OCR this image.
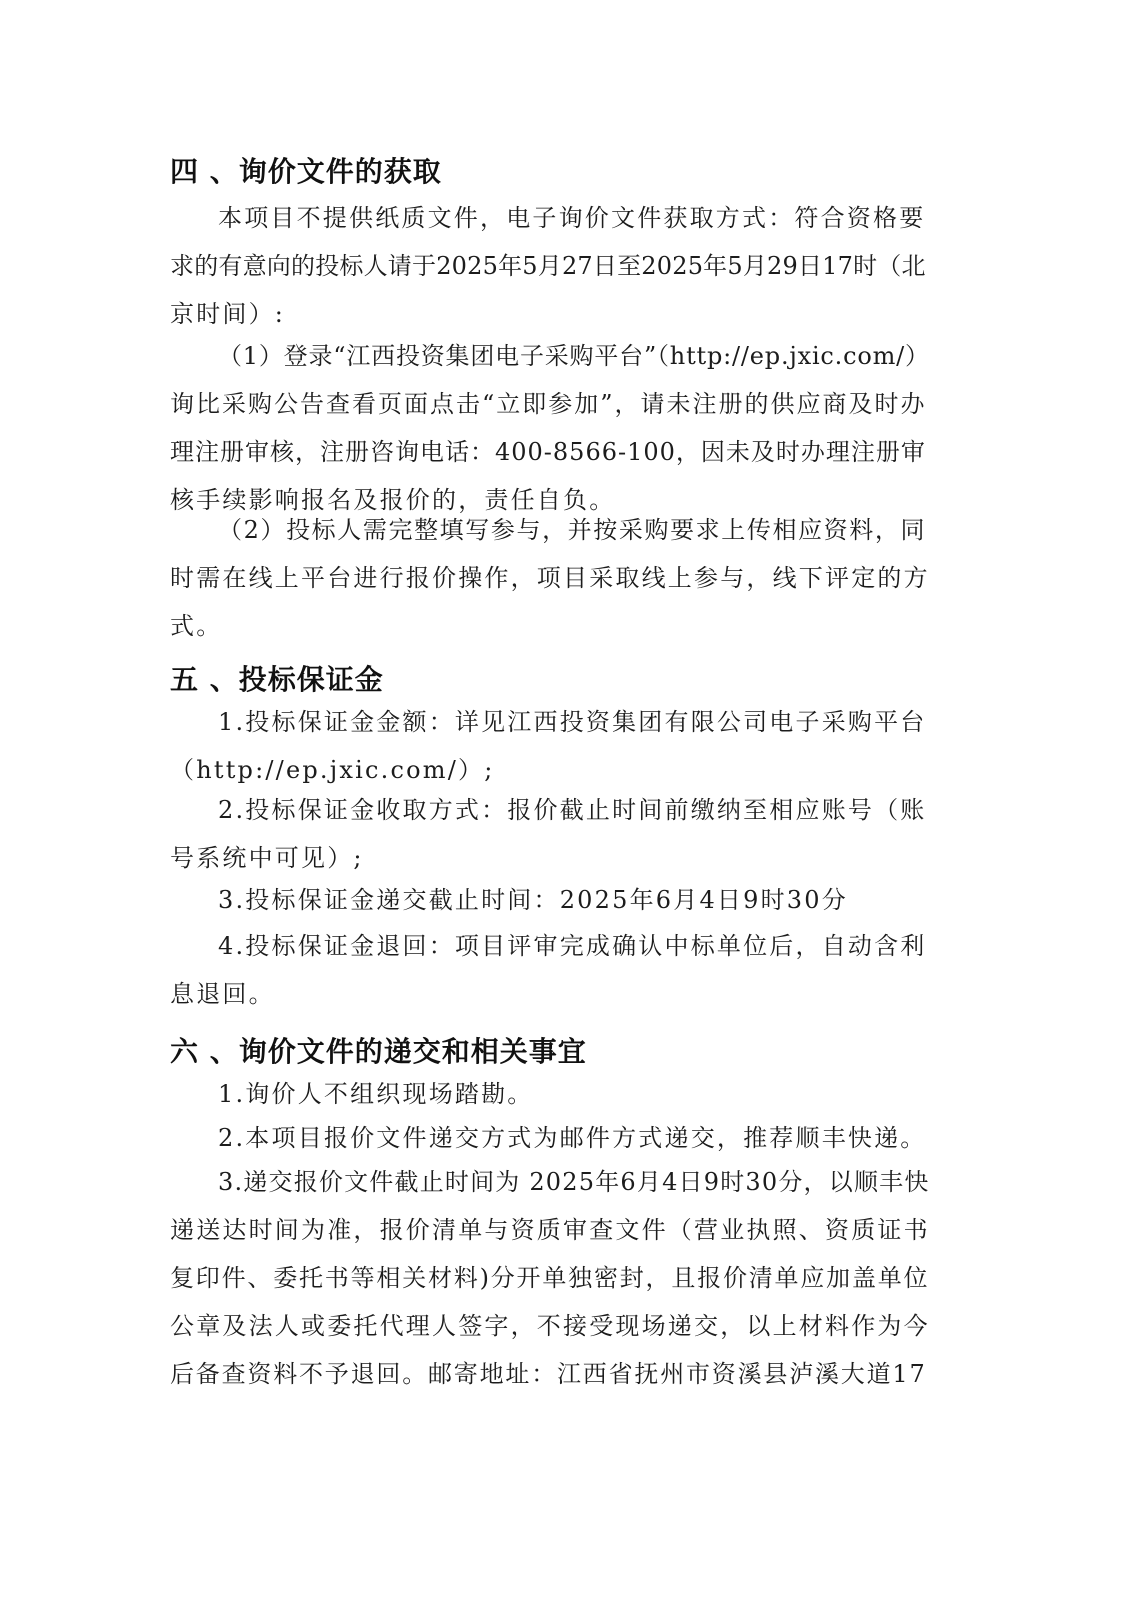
四 、询价文件的获取

本项目不提供纸质文件，电子询价文件获取方式：符合资格要
求的有意向的投标人请于2025年5月27日至2025年5月29日17时（北
京时间）:

（1）登录“江西投资集团电子采购平台”（http://ep.jxic.com/）
询比采购公告查看页面点击“立即参加”，请未注册的供应商及时办
理注册审核，注册咨询电话：400-8566-100，因未及时办理注册审
核手续影响报名及报价的，责任自负。

（2）投标人需完整填写参与，并按采购要求上传相应资料，同
时需在线上平台进行报价操作，项目采取线上参与，线下评定的方
式。

五 、投标保证金

1.投标保证金金额：详见江西投资集团有限公司电子采购平台
（http://ep.jxic.com/）;

2.投标保证金收取方式：报价截止时间前缴纳至相应账号（账
号系统中可见）;

3.投标保证金递交截止时间：2025年6月4日9时30分

4.投标保证金退回：项目评审完成确认中标单位后，自动含利
息退回。

六 、询价文件的递交和相关事宜

1.询价人不组织现场踏勘。

2.本项目报价文件递交方式为邮件方式递交，推荐顺丰快递。

3.递交报价文件截止时间为 2025年6月4日9时30分，以顺丰快
递送达时间为准，报价清单与资质审查文件（营业执照、资质证书
复印件、委托书等相关材料)分开单独密封，且报价清单应加盖单位
公章及法人或委托代理人签字，不接受现场递交，以上材料作为今
后备查资料不予退回。邮寄地址：江西省抚州市资溪县泸溪大道17
